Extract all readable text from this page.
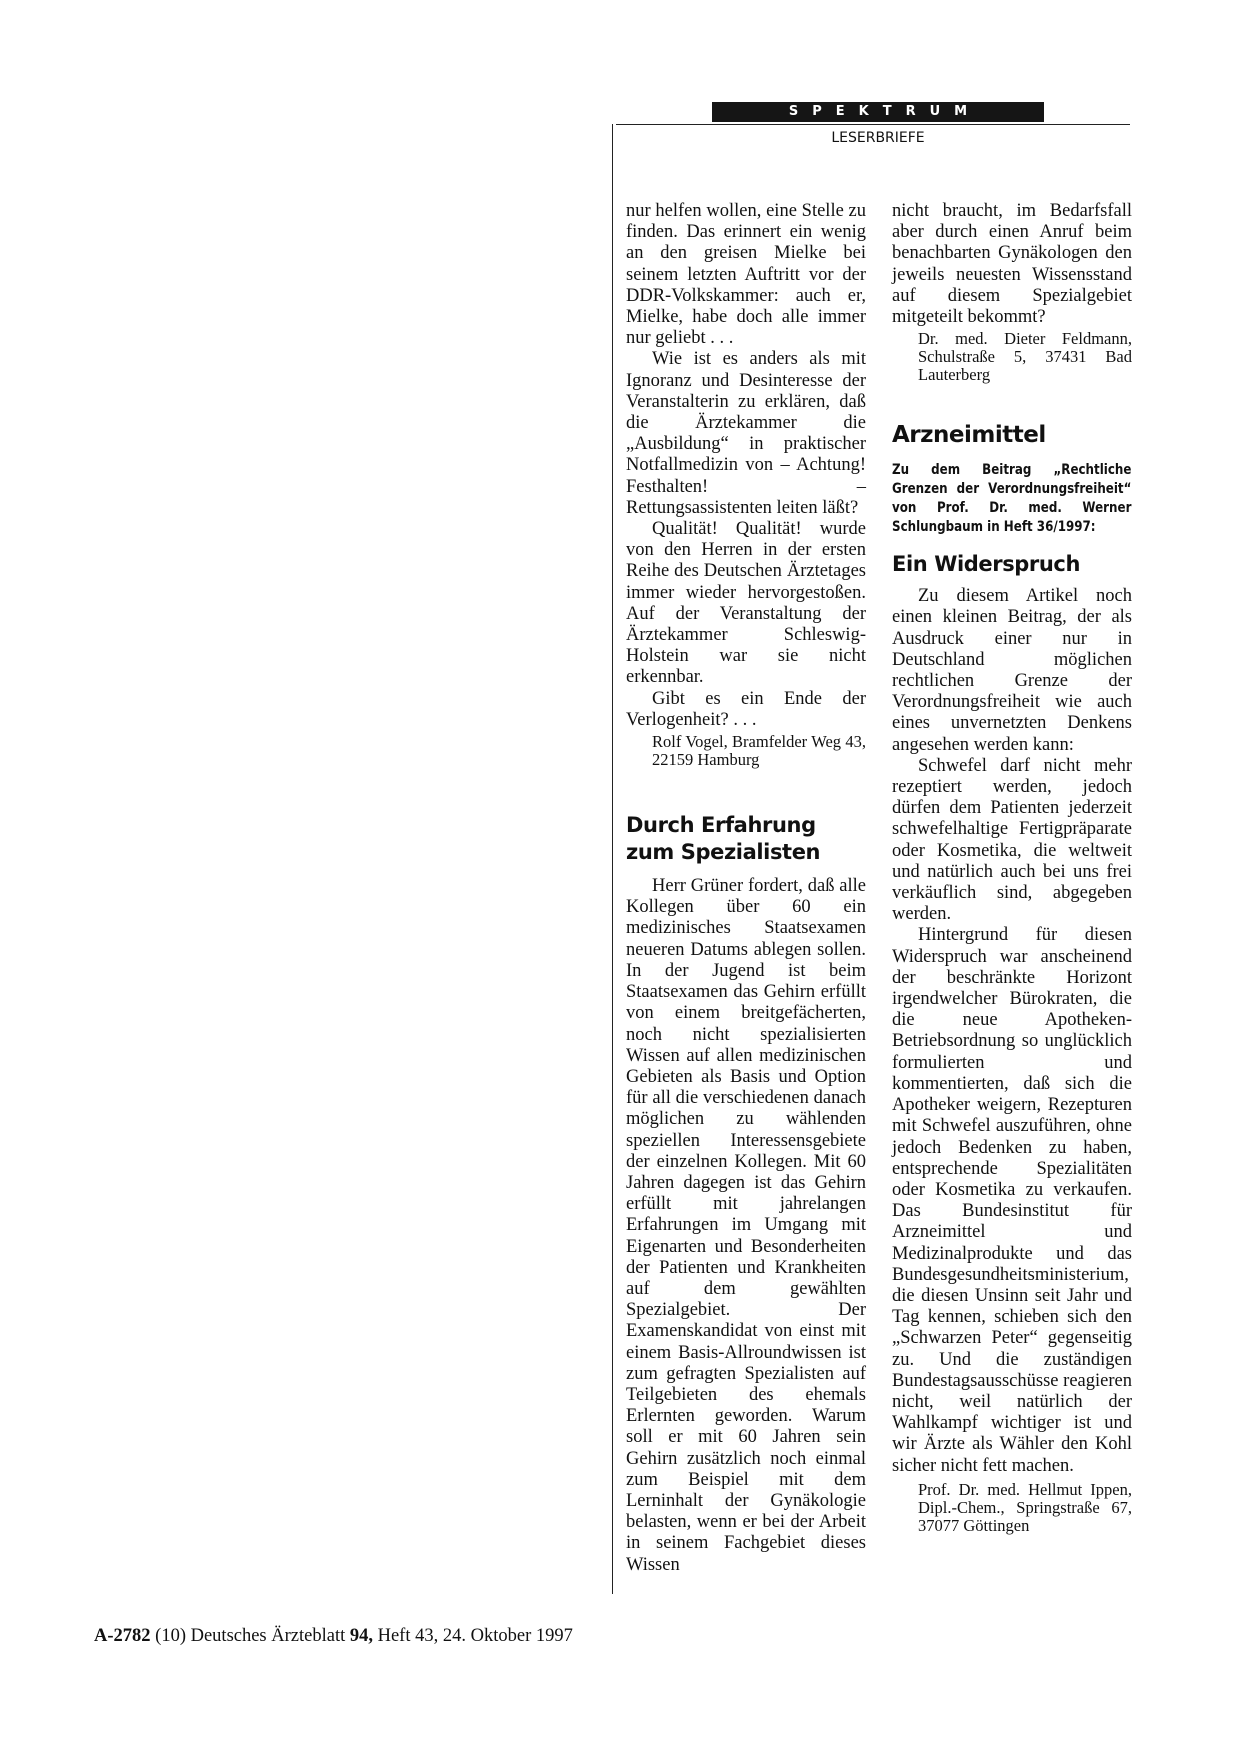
SPEKTRUM
LESERBRIEFE

nur helfen wollen, eine Stelle zu finden. Das erinnert ein wenig an den greisen Mielke bei seinem letzten Auftritt vor der DDR-Volkskammer: auch er, Mielke, habe doch alle immer nur geliebt . . .

Wie ist es anders als mit Ignoranz und Desinteresse der Veranstalterin zu erklären, daß die Ärztekammer die „Ausbildung“ in praktischer Notfallmedizin von – Achtung! Festhalten! – Rettungsassistenten leiten läßt?

Qualität! Qualität! wurde von den Herren in der ersten Reihe des Deutschen Ärztetages immer wieder hervorgestoßen. Auf der Veranstaltung der Ärztekammer Schleswig-Holstein war sie nicht erkennbar.

Gibt es ein Ende der Verlogenheit? . . .

Rolf Vogel, Bramfelder Weg 43, 22159 Hamburg

Durch Erfahrung zum Spezialisten

Herr Grüner fordert, daß alle Kollegen über 60 ein medizinisches Staatsexamen neueren Datums ablegen sollen. In der Jugend ist beim Staatsexamen das Gehirn erfüllt von einem breitgefächerten, noch nicht spezialisierten Wissen auf allen medizinischen Gebieten als Basis und Option für all die verschiedenen danach möglichen zu wählenden speziellen Interessensgebiete der einzelnen Kollegen. Mit 60 Jahren dagegen ist das Gehirn erfüllt mit jahrelangen Erfahrungen im Umgang mit Eigenarten und Besonderheiten der Patienten und Krankheiten auf dem gewählten Spezialgebiet. Der Examenskandidat von einst mit einem Basis-Allroundwissen ist zum gefragten Spezialisten auf Teilgebieten des ehemals Erlernten geworden. Warum soll er mit 60 Jahren sein Gehirn zusätzlich noch einmal zum Beispiel mit dem Lerninhalt der Gynäkologie belasten, wenn er bei der Arbeit in seinem Fachgebiet dieses Wissen

nicht braucht, im Bedarfsfall aber durch einen Anruf beim benachbarten Gynäkologen den jeweils neuesten Wissensstand auf diesem Spezialgebiet mitgeteilt bekommt?

Dr. med. Dieter Feldmann, Schulstraße 5, 37431 Bad Lauterberg

Arzneimittel
Zu dem Beitrag „Rechtliche Grenzen der Verordnungsfreiheit“ von Prof. Dr. med. Werner Schlungbaum in Heft 36/1997:
Ein Widerspruch

Zu diesem Artikel noch einen kleinen Beitrag, der als Ausdruck einer nur in Deutschland möglichen rechtlichen Grenze der Verordnungsfreiheit wie auch eines unvernetzten Denkens angesehen werden kann:

Schwefel darf nicht mehr rezeptiert werden, jedoch dürfen dem Patienten jederzeit schwefelhaltige Fertigpräparate oder Kosmetika, die weltweit und natürlich auch bei uns frei verkäuflich sind, abgegeben werden.

Hintergrund für diesen Widerspruch war anscheinend der beschränkte Horizont irgendwelcher Bürokraten, die die neue Apotheken-Betriebsordnung so unglücklich formulierten und kommentierten, daß sich die Apotheker weigern, Rezepturen mit Schwefel auszuführen, ohne jedoch Bedenken zu haben, entsprechende Spezialitäten oder Kosmetika zu verkaufen. Das Bundesinstitut für Arzneimittel und Medizinalprodukte und das Bundesgesundheitsministerium, die diesen Unsinn seit Jahr und Tag kennen, schieben sich den „Schwarzen Peter“ gegenseitig zu. Und die zuständigen Bundestagsausschüsse reagieren nicht, weil natürlich der Wahlkampf wichtiger ist und wir Ärzte als Wähler den Kohl sicher nicht fett machen.

Prof. Dr. med. Hellmut Ippen, Dipl.-Chem., Springstraße 67, 37077 Göttingen

A-2782 (10) Deutsches Ärzteblatt 94, Heft 43, 24. Oktober 1997
